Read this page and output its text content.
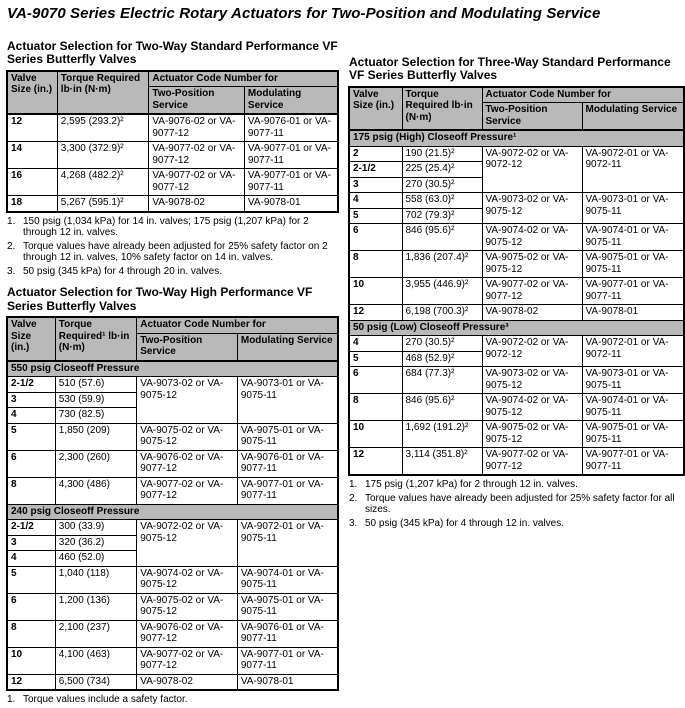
VA-9070 Series Electric Rotary Actuators for Two-Position and Modulating Service
Actuator Selection for Two-Way Standard Performance VF Series Butterfly Valves
Valve Size (in.)	Torque Required lb·in (N·m)	Actuator Code Number for	
		Two-Position Service	Modulating Service
12	2,595 (293.2)²	VA-9076-02 or VA-9077-12	VA-9076-01 or VA-9077-11
14	3,300 (372.9)²	VA-9077-02 or VA-9077-12	VA-9077-01 or VA-9077-11
16	4,268 (482.2)²	VA-9077-02 or VA-9077-12	VA-9077-01 or VA-9077-11
18	5,267 (595.1)²	VA-9078-02	VA-9078-01
1. 150 psig (1,034 kPa) for 14 in. valves; 175 psig (1,207 kPa) for 2 through 12 in. valves.
2. Torque values have already been adjusted for 25% safety factor on 2 through 12 in. valves, 10% safety factor on 14 in. valves.
3. 50 psig (345 kPa) for 4 through 20 in. valves.
Actuator Selection for Two-Way High Performance VF Series Butterfly Valves
Valve Size (in.)	Torque Required¹ lb·in (N·m)	Actuator Code Number for	
		Two-Position Service	Modulating Service
550 psig Closeoff Pressure			
2-1/2	510 (57.6)	VA-9073-02 or VA-9075-12	VA-9073-01 or VA-9075-11
3	530 (59.9)		
4	730 (82.5)		
5	1,850 (209)	VA-9075-02 or VA-9075-12	VA-9075-01 or VA-9075-11
6	2,300 (260)	VA-9076-02 or VA-9077-12	VA-9076-01 or VA-9077-11
8	4,300 (486)	VA-9077-02 or VA-9077-12	VA-9077-01 or VA-9077-11
240 psig Closeoff Pressure			
2-1/2	300 (33.9)	VA-9072-02 or VA-9075-12	VA-9072-01 or VA-9075-11
3	320 (36.2)		
4	460 (52.0)		
5	1,040 (118)	VA-9074-02 or VA-9075-12	VA-9074-01 or VA-9075-11
6	1,200 (136)	VA-9075-02 or VA-9075-12	VA-9075-01 or VA-9075-11
8	2,100 (237)	VA-9076-02 or VA-9077-12	VA-9076-01 or VA-9077-11
10	4,100 (463)	VA-9077-02 or VA-9077-12	VA-9077-01 or VA-9077-11
12	6,500 (734)	VA-9078-02	VA-9078-01
1. Torque values include a safety factor.
Actuator Selection for Three-Way Standard Performance VF Series Butterfly Valves
Valve Size (in.)	Torque Required lb·in (N·m)	Actuator Code Number for	
		Two-Position Service	Modulating Service
175 psig (High) Closeoff Pressure¹			
2	190 (21.5)²	VA-9072-02 or VA-9072-12	VA-9072-01 or VA-9072-11
2-1/2	225 (25.4)²		
3	270 (30.5)²		
4	558 (63.0)²	VA-9073-02 or VA-9075-12	VA-9073-01 or VA-9075-11
5	702 (79.3)²		
6	846 (95.6)²	VA-9074-02 or VA-9075-12	VA-9074-01 or VA-9075-11
8	1,836 (207.4)²	VA-9075-02 or VA-9075-12	VA-9075-01 or VA-9075-11
10	3,955 (446.9)²	VA-9077-02 or VA-9077-12	VA-9077-01 or VA-9077-11
12	6,198 (700.3)²	VA-9078-02	VA-9078-01
50 psig (Low) Closeoff Pressure³			
4	270 (30.5)²	VA-9072-02 or VA-9072-12	VA-9072-01 or VA-9072-11
5	468 (52.9)²		
6	684 (77.3)²	VA-9073-02 or VA-9075-12	VA-9073-01 or VA-9075-11
8	846 (95.6)²	VA-9074-02 or VA-9075-12	VA-9074-01 or VA-9075-11
10	1,692 (191.2)²	VA-9075-02 or VA-9075-12	VA-9075-01 or VA-9075-11
12	3,114 (351.8)²	VA-9077-02 or VA-9077-12	VA-9077-01 or VA-9077-11
1. 175 psig (1,207 kPa) for 2 through 12 in. valves.
2. Torque values have already been adjusted for 25% safety factor for all sizes.
3. 50 psig (345 kPa) for 4 through 12 in. valves.
